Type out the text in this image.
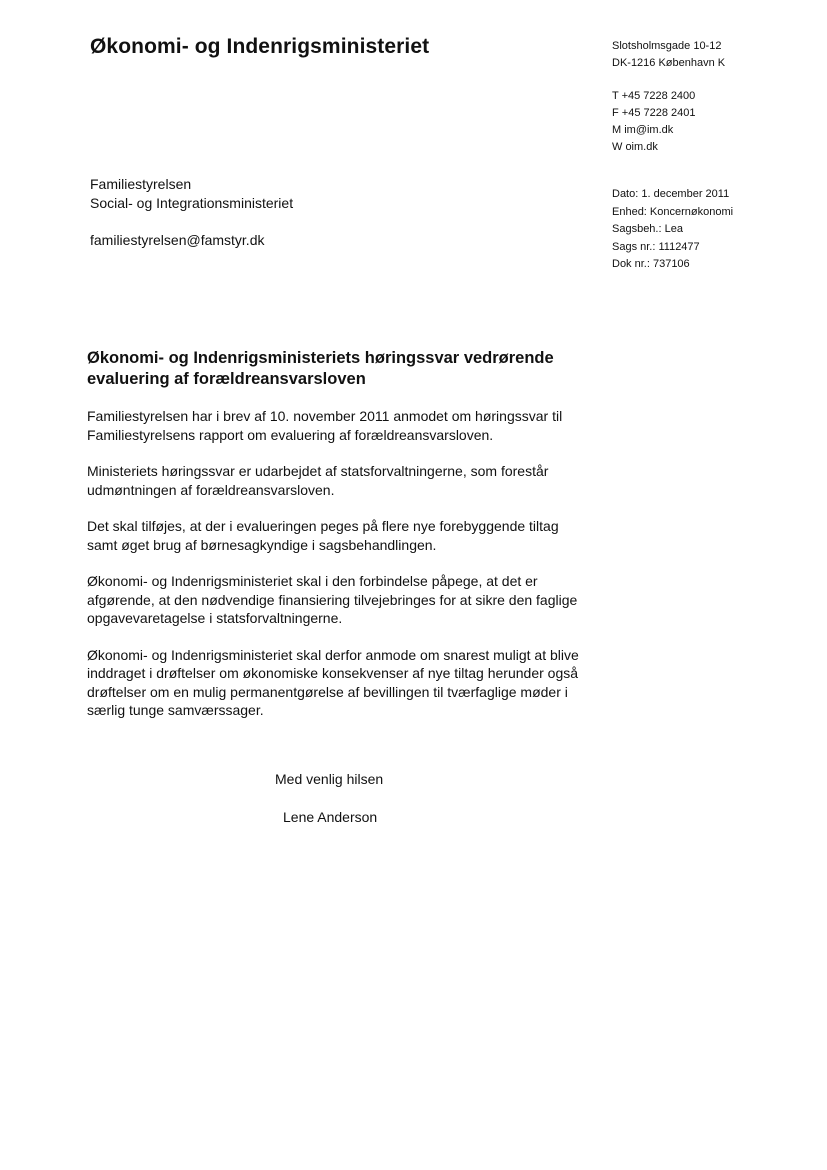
Økonomi- og Indenrigsministeriet	Slotsholmsgade 10-12
DK-1216 København K
T +45 7228 2400
F +45 7228 2401
M im@im.dk
W oim.dk
Familiestyrelsen
Social- og Integrationsministeriet
familiestyrelsen@famstyr.dk
Dato: 1. december 2011
Enhed: Koncernøkonomi
Sagsbeh.: Lea
Sags nr.: 1112477
Dok nr.: 737106
Økonomi- og Indenrigsministeriets høringssvar vedrørende evaluering af forældreansvarsloven

Familiestyrelsen har i brev af 10. november 2011 anmodet om høringssvar til Familiestyrelsens rapport om evaluering af forældreansvarsloven.

Ministeriets høringssvar er udarbejdet af statsforvaltningerne, som forestår udmøntningen af forældreansvarsloven.

Det skal tilføjes, at der i evalueringen peges på flere nye forebyggende tiltag samt øget brug af børnesagkyndige i sagsbehandlingen.

Økonomi- og Indenrigsministeriet skal i den forbindelse påpege, at det er afgørende, at den nødvendige finansiering tilvejebringes for at sikre den faglige opgavevaretagelse i statsforvaltningerne.

Økonomi- og Indenrigsministeriet skal derfor anmode om snarest muligt at blive inddraget i drøftelser om økonomiske konsekvenser af nye tiltag herunder også drøftelser om en mulig permanentgørelse af bevillingen til tværfaglige møder i særlig tunge samværssager.

Med venlig hilsen
Lene Anderson
